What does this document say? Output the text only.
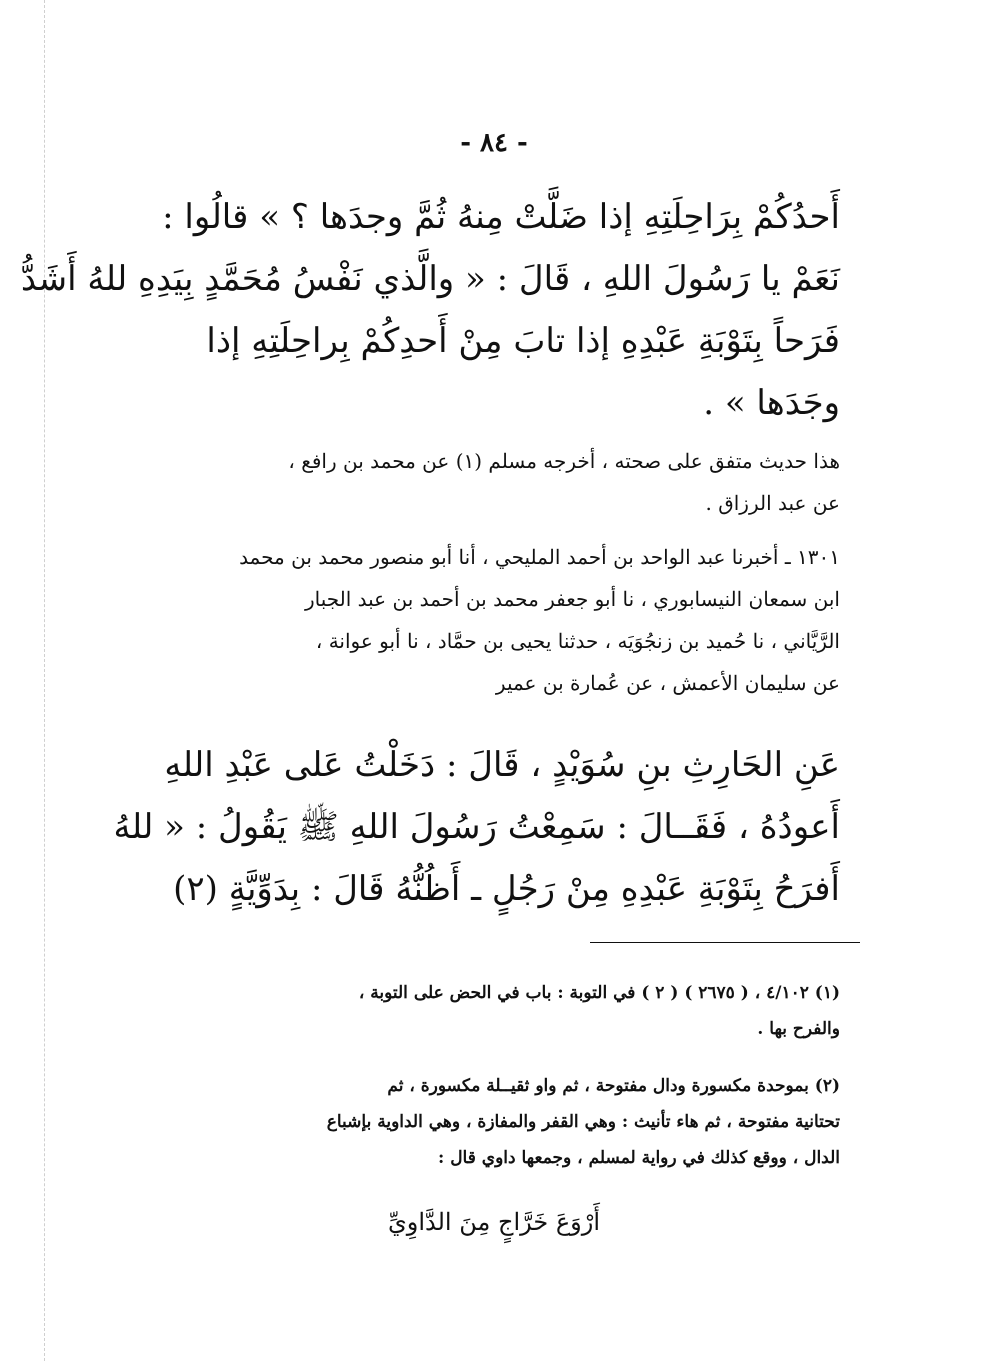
- ٨٤ -
أَحدُكُمْ بِرَاحِلَتِهِ إذا ضَلَّتْ مِنهُ ثُمَّ وجدَها ؟ » قالُوا :
نَعَمْ يا رَسُولَ اللهِ ، قَالَ : « والَّذي نَفْسُ مُحَمَّدٍ بِيَدِهِ للهُ أَشَدُّ
فَرَحاً بِتَوْبَةِ عَبْدِهِ إذا تابَ مِنْ أَحدِكُمْ بِراحِلَتِهِ إذا
وجَدَها » .
هذا حديث متفق على صحته ، أخرجه مسلم (١) عن محمد بن رافع ،
عن عبد الرزاق .
١٣٠١ ـ أخبرنا عبد الواحد بن أحمد المليحي ، أنا أبو منصور محمد بن محمد
ابن سمعان النيسابوري ، نا أبو جعفر محمد بن أحمد بن عبد الجبار
الرَّيَّاني ، نا حُميد بن زنجُوَيَه ، حدثنا يحيى بن حمَّاد ، نا أبو عوانة ،
عن سليمان الأعمش ، عن عُمارة بن عمير
عَنِ الحَارِثِ بنِ سُوَيْدٍ ، قَالَ : دَخَلْتُ عَلى عَبْدِ اللهِ
أَعودُهُ ، فَقَــالَ : سَمِعْتُ رَسُولَ اللهِ ﷺ يَقُولُ : « للهُ
أَفرَحُ بِتَوْبَةِ عَبْدِهِ مِنْ رَجُلٍ ـ أَظُنُّهُ قَالَ : بِدَوِّيَّةٍ (٢)
(١) ٤/١٠٢ ، ( ٢٦٧٥ ) ( ٢ ) في التوبة : باب في الحض على التوبة ،
والفرح بها .
(٢) بموحدة مكسورة ودال مفتوحة ، ثم واو ثقيــلة مكسورة ، ثم
تحتانية مفتوحة ، ثم هاء تأنيث : وهي القفر والمفازة ، وهي الداوية بإشباع
الدال ، ووقع كذلك في رواية لمسلم ، وجمعها داوي قال :
أَرْوَعَ خَرَّاجٍ مِنَ الدَّاوِيِّ
